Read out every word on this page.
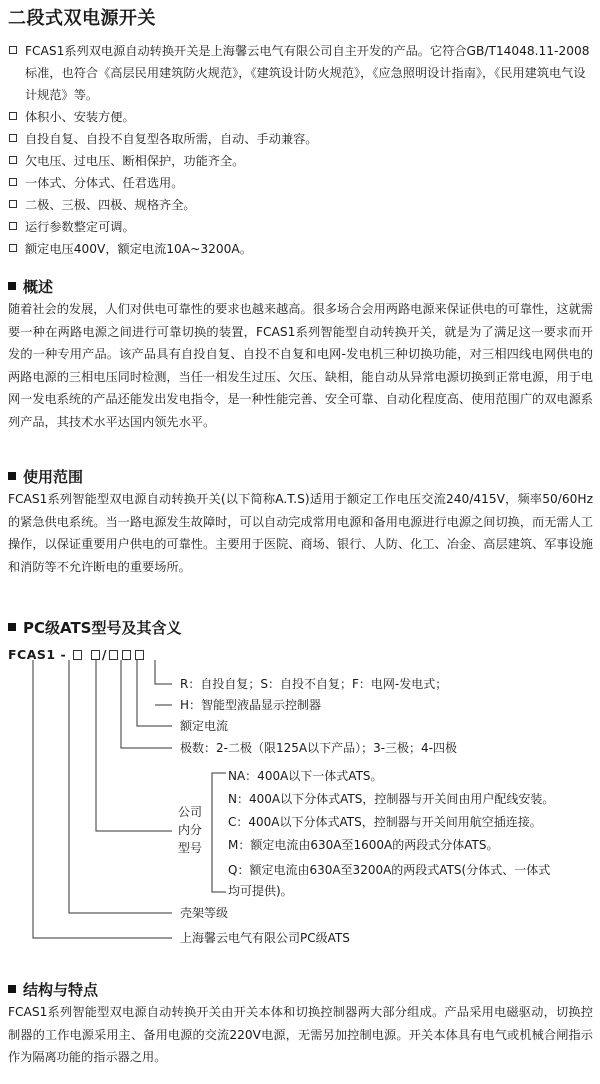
二段式双电源开关
FCAS1系列双电源自动转换开关是上海馨云电气有限公司自主开发的产品。它符合GB/T14048.11-2008标准，也符合《高层民用建筑防火规范》，《建筑设计防火规范》，《应急照明设计指南》，《民用建筑电气设计规范》等。
体积小、安装方便。
自投自复、自投不自复型各取所需，自动、手动兼容。
欠电压、过电压、断相保护，功能齐全。
一体式、分体式、任君选用。
二极、三极、四极、规格齐全。
运行参数整定可调。
额定电压400V，额定电流10A~3200A。
概述

随着社会的发展，人们对供电可靠性的要求也越来越高。很多场合会用两路电源来保证供电的可靠性，这就需要一种在两路电源之间进行可靠切换的装置，FCAS1系列智能型自动转换开关，就是为了满足这一要求而开发的一种专用产品。该产品具有自投自复、自投不自复和电网-发电机三种切换功能，对三相四线电网供电的两路电源的三相电压同时检测，当任一相发生过压、欠压、缺相，能自动从异常电源切换到正常电源，用于电网一发电系统的产品还能发出发电指令，是一种性能完善、安全可靠、自动化程度高、使用范围广的双电源系列产品，其技术水平达国内领先水平。

使用范围

FCAS1系列智能型双电源自动转换开关(以下简称A.T.S)适用于额定工作电压交流240/415V，频率50/60Hz的紧急供电系统。当一路电源发生故障时，可以自动完成常用电源和备用电源进行电源之间切换，而无需人工操作，以保证重要用户供电的可靠性。主要用于医院、商场、银行、人防、化工、冶金、高层建筑、军事设施和消防等不允许断电的重要场所。

PC级ATS型号及其含义
FCAS1 -	/
R：自投自复；S：自投不自复；F：电网-发电式；
H：智能型液晶显示控制器
额定电流
极数：2-二极（限125A以下产品）；3-三极；4-四极
公司内分型号
NA：400A以下一体式ATS。
N：400A以下分体式ATS，控制器与开关间由用户配线安装。
C：400A以下分体式ATS，控制器与开关间用航空插连接。
M：额定电流由630A至1600A的两段式分体ATS。
Q：额定电流由630A至3200A的两段式ATS(分体式、一体式均可提供)。
壳架等级
上海馨云电气有限公司PC级ATS
结构与特点

FCAS1系列智能型双电源自动转换开关由开关本体和切换控制器两大部分组成。产品采用电磁驱动，切换控制器的工作电源采用主、备用电源的交流220V电源，无需另加控制电源。开关本体具有电气或机械合闸指示作为隔离功能的指示器之用。
